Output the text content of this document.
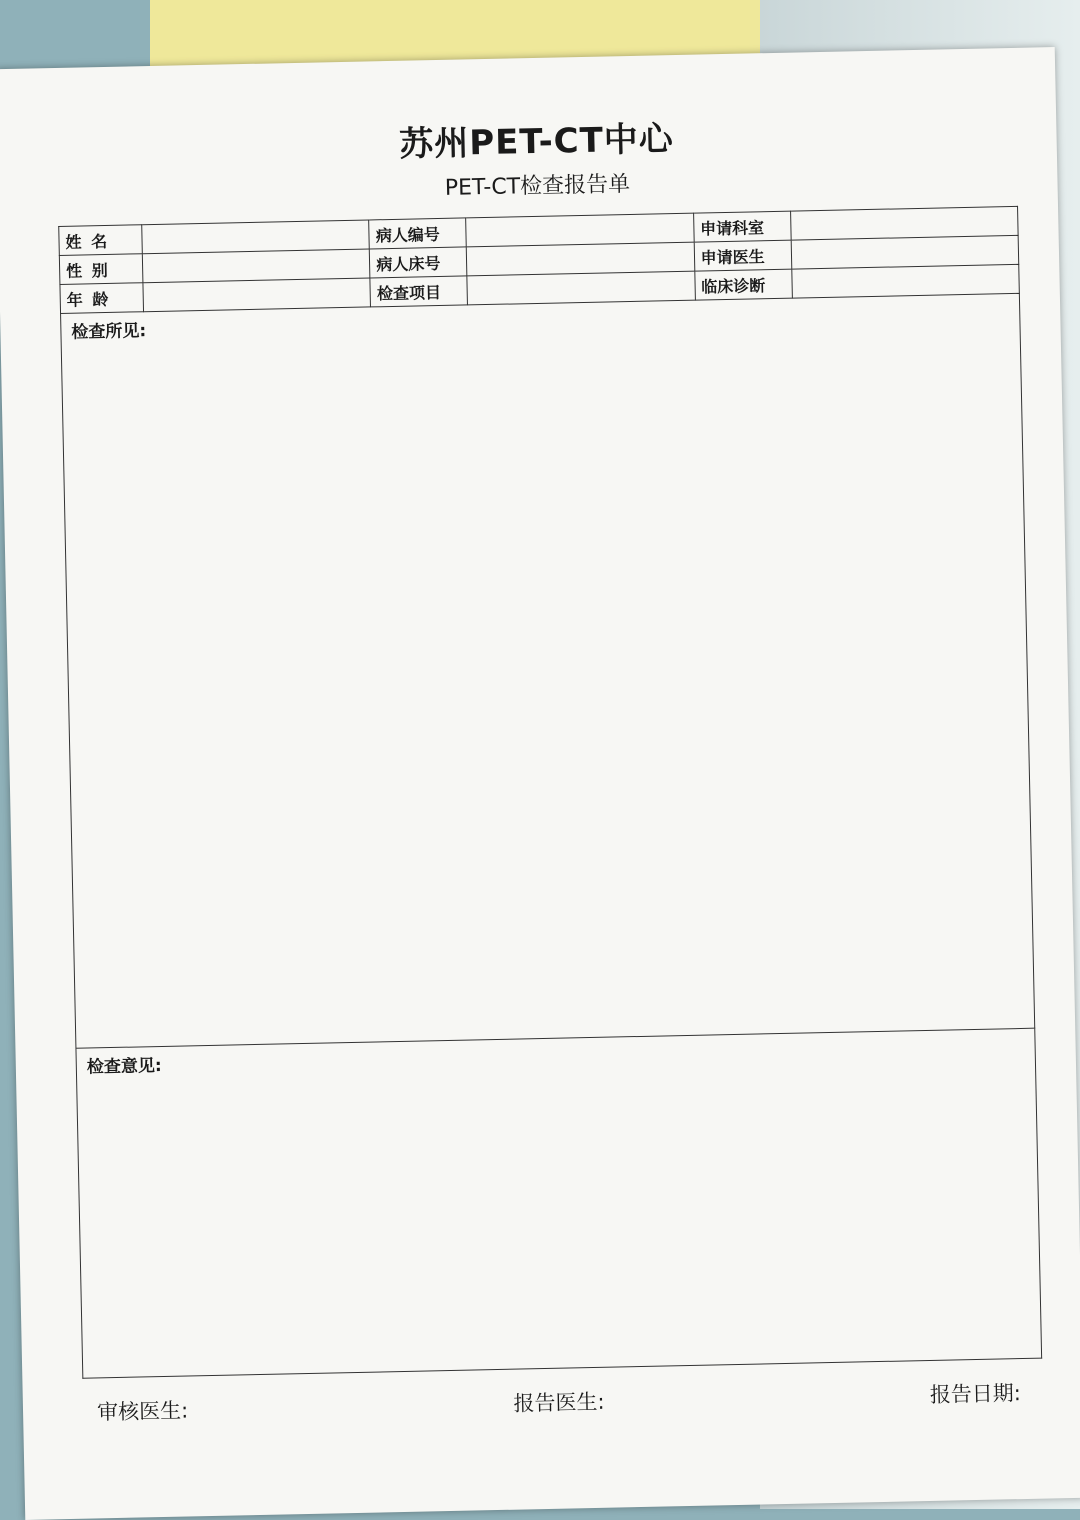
苏州PET-CT中心
PET-CT检查报告单
姓 名		病人编号		申请科室	
性 别		病人床号		申请医生	
年 龄		检查项目		临床诊断	
检查所见:
检查意见:
审核医生:	报告医生:	报告日期:
